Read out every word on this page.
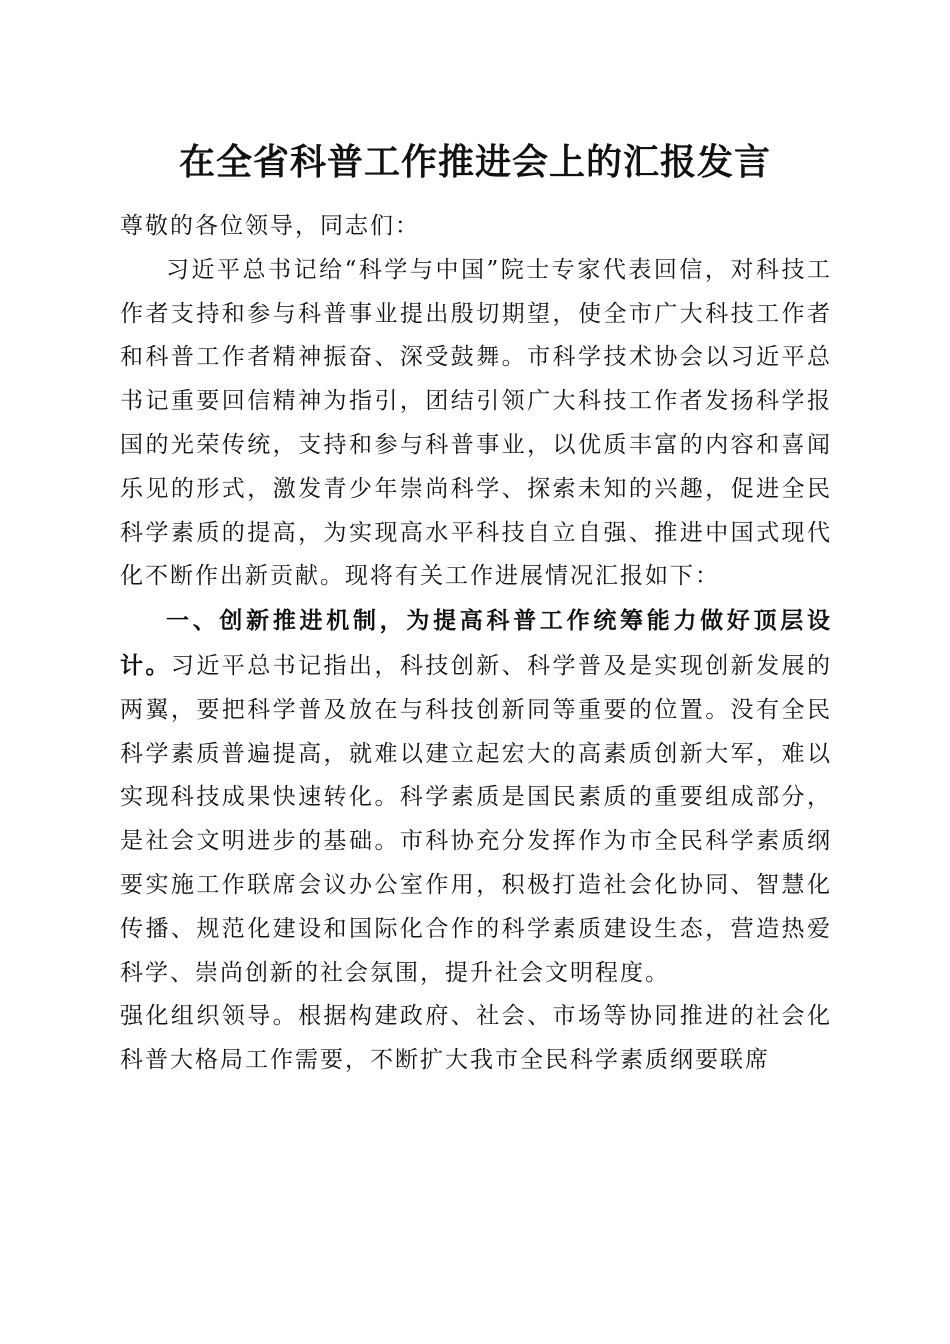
在全省科普工作推进会上的汇报发言

尊敬的各位领导，同志们：

习近平总书记给“科学与中国”院士专家代表回信，对科技工作者支持和参与科普事业提出殷切期望，使全市广大科技工作者和科普工作者精神振奋、深受鼓舞。市科学技术协会以习近平总书记重要回信精神为指引，团结引领广大科技工作者发扬科学报国的光荣传统，支持和参与科普事业，以优质丰富的内容和喜闻乐见的形式，激发青少年崇尚科学、探索未知的兴趣，促进全民科学素质的提高，为实现高水平科技自立自强、推进中国式现代化不断作出新贡献。现将有关工作进展情况汇报如下：

一、创新推进机制，为提高科普工作统筹能力做好顶层设计。习近平总书记指出，科技创新、科学普及是实现创新发展的两翼，要把科学普及放在与科技创新同等重要的位置。没有全民科学素质普遍提高，就难以建立起宏大的高素质创新大军，难以实现科技成果快速转化。科学素质是国民素质的重要组成部分，是社会文明进步的基础。市科协充分发挥作为市全民科学素质纲要实施工作联席会议办公室作用，积极打造社会化协同、智慧化传播、规范化建设和国际化合作的科学素质建设生态，营造热爱科学、崇尚创新的社会氛围，提升社会文明程度。

强化组织领导。根据构建政府、社会、市场等协同推进的社会化科普大格局工作需要，不断扩大我市全民科学素质纲要联席
